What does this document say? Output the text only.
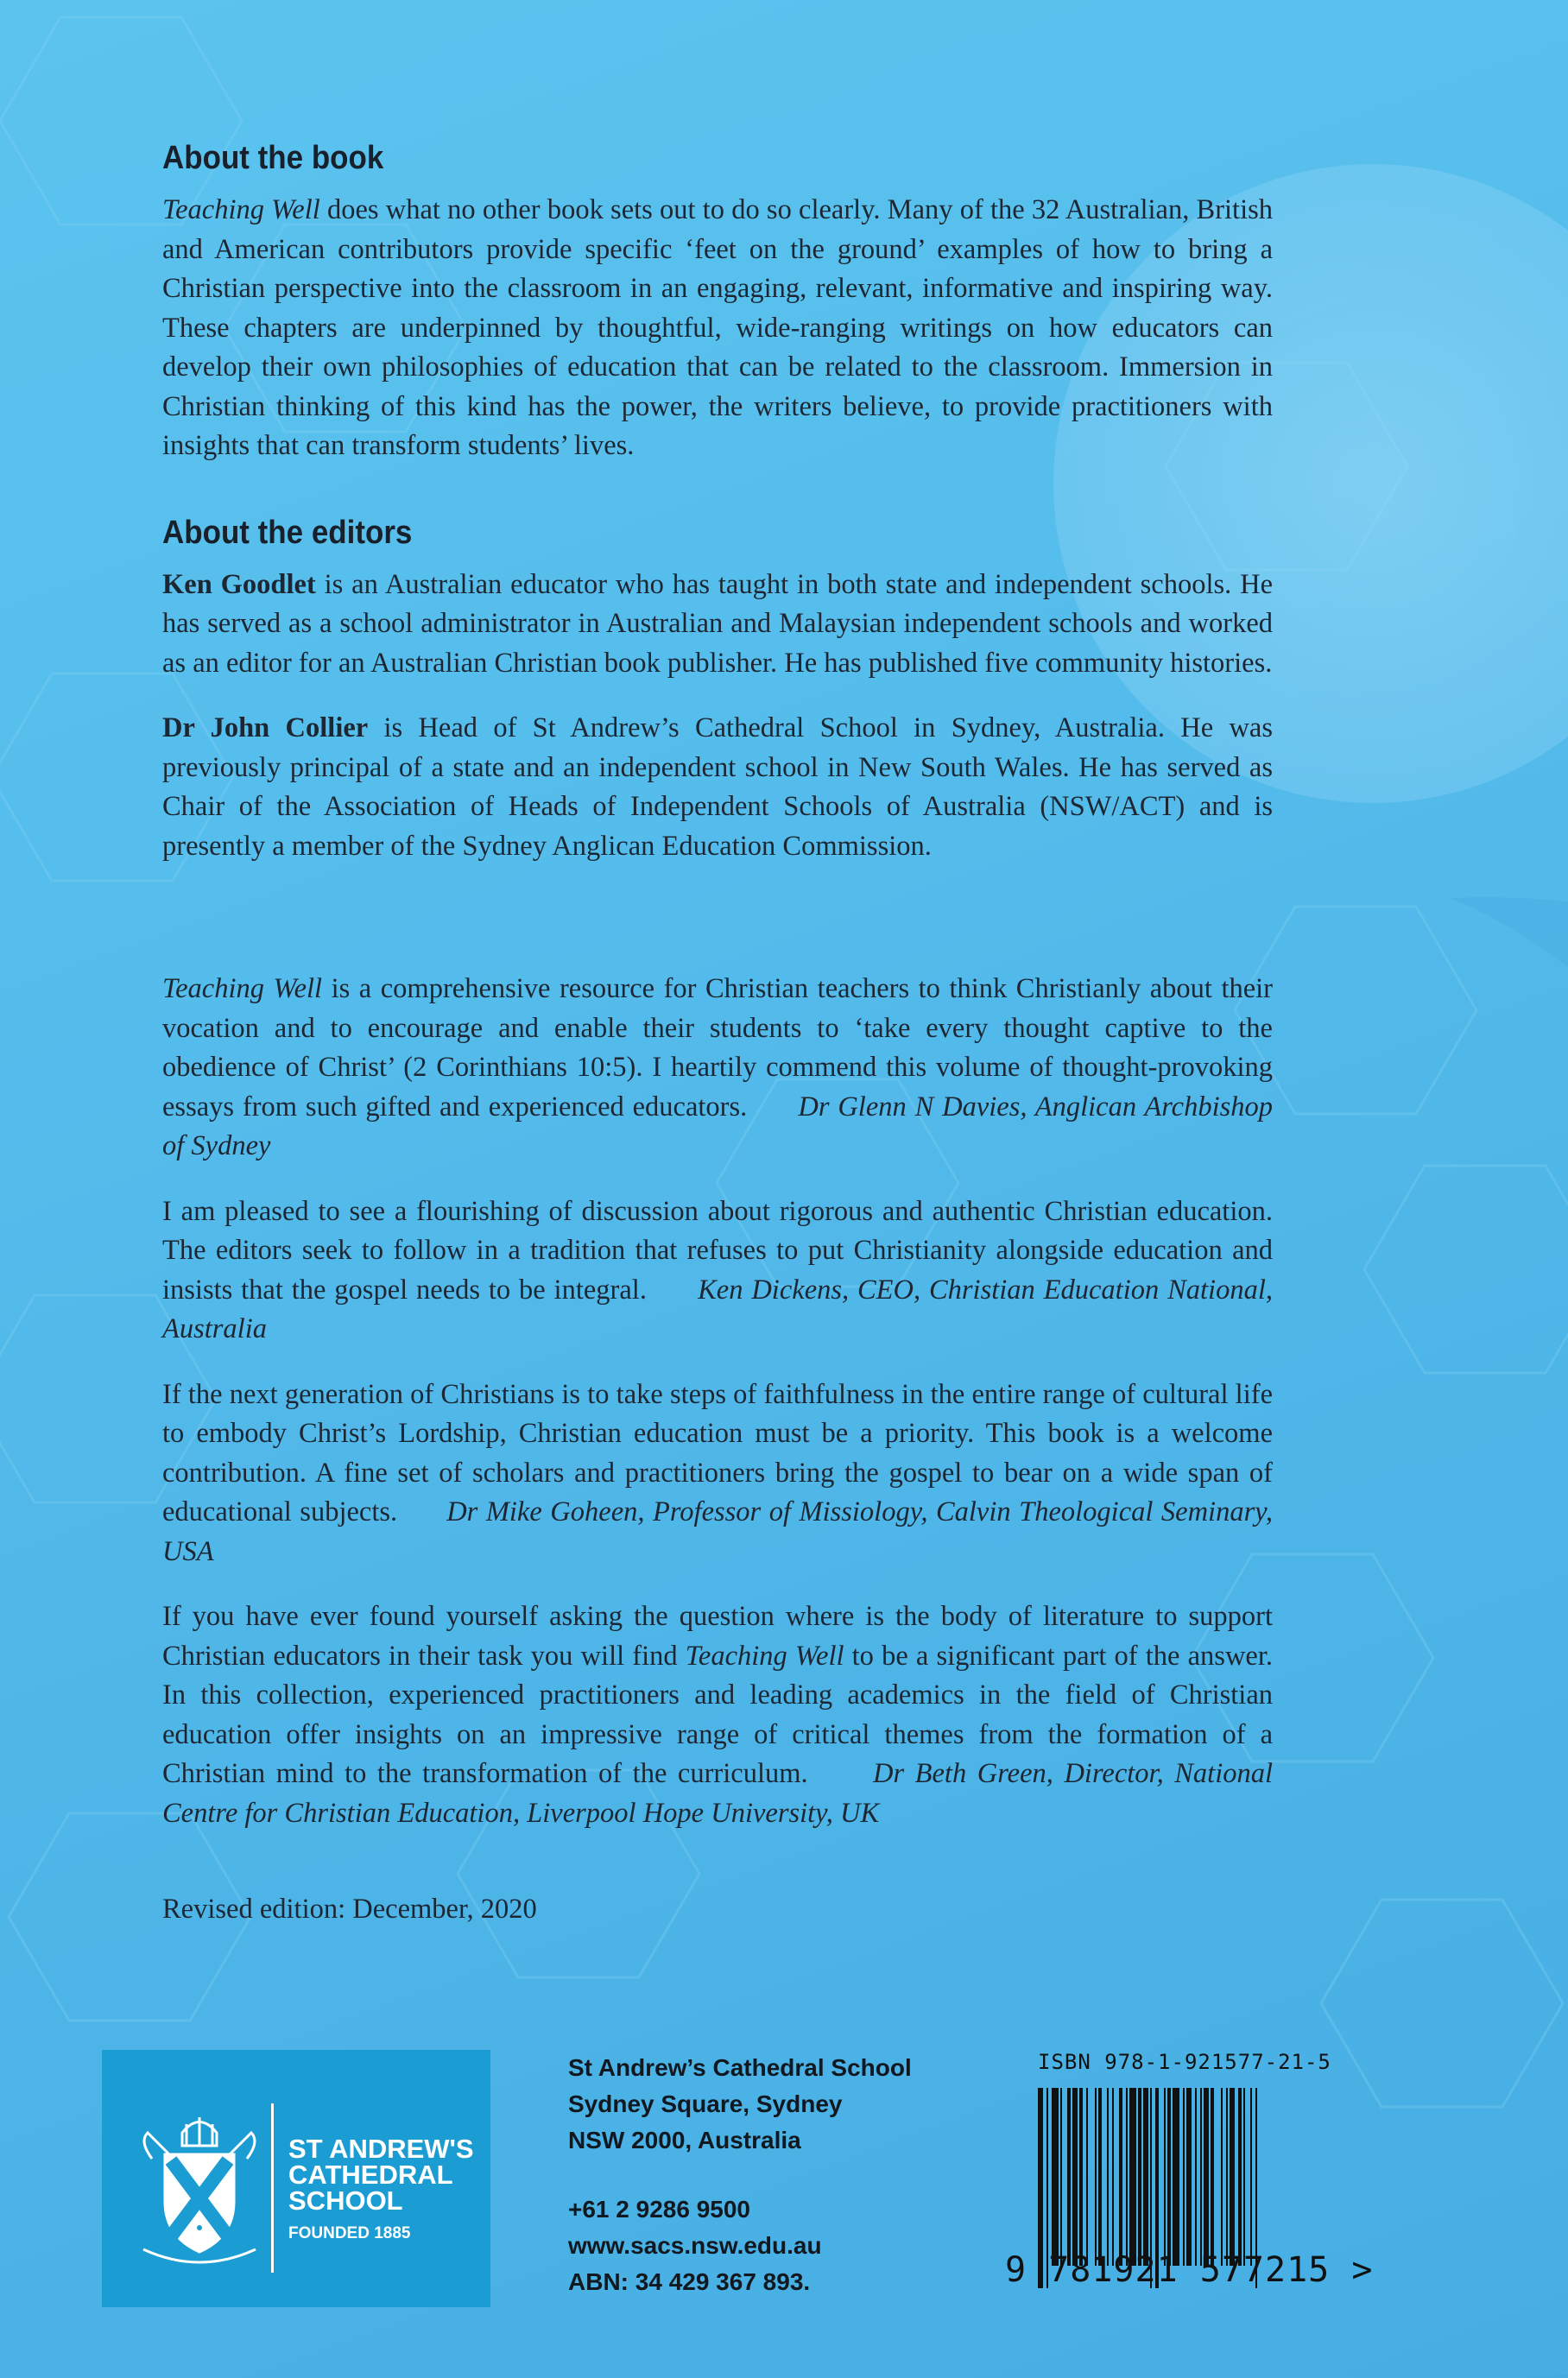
About the book

Teaching Well does what no other book sets out to do so clearly. Many of the 32 Australian, British and American contributors provide specific ‘feet on the ground’ examples of how to bring a Christian perspective into the classroom in an engaging, relevant, informative and inspiring way. These chapters are underpinned by thoughtful, wide-ranging writings on how educators can develop their own philosophies of education that can be related to the classroom. Immersion in Christian thinking of this kind has the power, the writers believe, to provide practitioners with insights that can transform students’ lives.

About the editors

Ken Goodlet is an Australian educator who has taught in both state and independent schools. He has served as a school administrator in Australian and Malaysian independent schools and worked as an editor for an Australian Christian book publisher. He has published five community histories.

Dr John Collier is Head of St Andrew’s Cathedral School in Sydney, Australia. He was previously principal of a state and an independent school in New South Wales. He has served as Chair of the Association of Heads of Independent Schools of Australia (NSW/ACT) and is presently a member of the Sydney Anglican Education Commission.

Teaching Well is a comprehensive resource for Christian teachers to think Christianly about their vocation and to encourage and enable their students to ‘take every thought captive to the obedience of Christ’ (2 Corinthians 10:5). I heartily commend this volume of thought-provoking essays from such gifted and experienced educators. Dr Glenn N Davies, Anglican Archbishop of Sydney

I am pleased to see a flourishing of discussion about rigorous and authentic Christian education. The editors seek to follow in a tradition that refuses to put Christianity alongside education and insists that the gospel needs to be integral. Ken Dickens, CEO, Christian Education National, Australia

If the next generation of Christians is to take steps of faithfulness in the entire range of cultural life to embody Christ’s Lordship, Christian education must be a priority. This book is a welcome contribution. A fine set of scholars and practitioners bring the gospel to bear on a wide span of educational subjects. Dr Mike Goheen, Professor of Missiology, Calvin Theological Seminary, USA

If you have ever found yourself asking the question where is the body of literature to support Christian educators in their task you will find Teaching Well to be a significant part of the answer. In this collection, experienced practitioners and leading academics in the field of Christian education offer insights on an impressive range of critical themes from the formation of a Christian mind to the transformation of the curriculum. Dr Beth Green, Director, National Centre for Christian Education, Liverpool Hope University, UK

Revised edition: December, 2020
ST ANDREW'S
CATHEDRAL
SCHOOL
FOUNDED 1885
St Andrew’s Cathedral School
Sydney Square, Sydney
NSW 2000, Australia
+61 2 9286 9500
www.sacs.nsw.edu.au
ABN: 34 429 367 893.
ISBN 978-1-921577-21-5
9 781921 577215 >
